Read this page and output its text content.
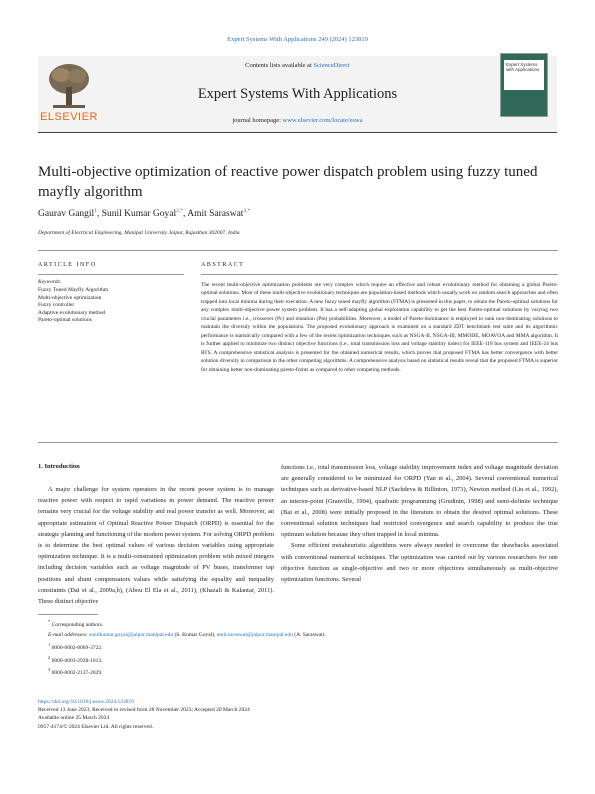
Expert Systems With Applications 249 (2024) 123819
ELSEVIER
Contents lists available at ScienceDirect
Expert Systems With Applications
journal homepage: www.elsevier.com/locate/eswa
Expert Systems with Applications
Multi-objective optimization of reactive power dispatch problem using fuzzy tuned mayfly algorithm
Gaurav Gangil$^1$, Sunil Kumar Goyal$^{2,*}$, Amit Saraswat$^{3,*}$
Department of Electrical Engineering, Manipal University Jaipur, Rajasthan 302007, India
ARTICLE INFO
Keywords:
Fuzzy Tuned Mayfly Algorithm
Multi-objective optimization
Fuzzy controller
Adaptive evolutionary method
Pareto-optimal solutions
ABSTRACT
The recent multi-objective optimization problems are very complex which require an effective and robust evolutionary method for obtaining a global Pareto-optimal solutions. Most of these multi-objective evolutionary techniques are population-based methods which usually work on random search approaches and often trapped into local minima during their execution. A new fuzzy tuned mayfly algorithm (FTMA) is presented in this paper, to obtain the Pareto-optimal solutions for any complex multi-objective power system problem. It has a self-adapting global exploration capability to get the best Pareto-optimal solutions by varying two crucial parameters i.e., crossover (Pc) and mutation (Pm) probabilities. Moreover, a model of Pareto-dominance is employed to rank non-dominating solutions to maintain the diversity within the populations. The proposed evolutionary approach is examined on a standard ZDT benchmark test suite and its algorithmic performance is statistically compared with a few of the recent optimization techniques such as NSGA-II, NSGA-III, MMODE, MOAVOA and MMA algorithm. It is further applied to minimize two distinct objective functions (i.e., total transmission loss and voltage stability index) for IEEE-118 bus system and IEEE-24 bus RTS. A comprehensive statistical analysis is presented for the obtained numerical results, which proves that proposed FTMA has better convergence with better solution diversity in comparison to the other competing algorithms. A comprehensive analysis based on statistical results reveal that the proposed FTMA is superior for obtaining better non-dominating pareto-fronts as compared to other competing methods.
1. Introduction

A major challenge for system operators in the recent power system is to manage reactive power with respect to rapid variations in power demand. The reactive power remains very crucial for the voltage stability and real power transfer as well. Moreover, an appropriate estimation of Optimal Reactive Power Dispatch (ORPD) is essential for the strategic planning and functioning of the modern power system. For solving ORPD problem is to determine the best optimal values of various decision variables using appropriate optimization technique. It is a multi-constrained optimization problem with mixed integers including decision variables such as voltage magnitude of PV buses, transformer tap positions and shunt compensators values while satisfying the equality and inequality constraints (Dai et al., 2009a,b), (Abou El Ela et al., 2011), (Khazali & Kalantar, 2011). Three distinct objective

functions i.e., total transmission loss, voltage stability improvement index and voltage magnitude deviation are generally considered to be minimized for ORPD (Yan et al., 2004). Several conventional numerical techniques such as derivative-based NLP (Sachdeva & Billinton, 1973), Newton method (Liu et al., 1992), an interior-point (Granville, 1994), quadratic programming (Grudinin, 1998) and semi-definite technique (Bai et al., 2008) were initially proposed in the literature to obtain the desired optimal solutions. These conventional solution techniques had restricted convergence and search capability to produce the true optimum solution because they often trapped in local minima.

Some efficient metaheuristic algorithms were always needed to overcome the drawbacks associated with conventional numerical techniques. The optimization was carried out by various researchers for one objective function as single-objective and two or more objectives simultaneously as multi-objective optimization functions. Several

* Corresponding authors.
E-mail addresses: sunilkumar.goyal@jaipur.manipal.edu (S. Kumar Goyal), amit.saraswat@jaipur.manipal.edu (A. Saraswat).
$^1$ 0000-0002-8069-3722.
$^2$ 0000-0003-2928-1013.
$^3$ 0000-0002-2137-2829.
https://doi.org/10.1016/j.eswa.2024.123819
Received 13 June 2023; Received in revised form 28 November 2023; Accepted 20 March 2024
Available online 25 March 2024
0957-4174/© 2024 Elsevier Ltd. All rights reserved.
